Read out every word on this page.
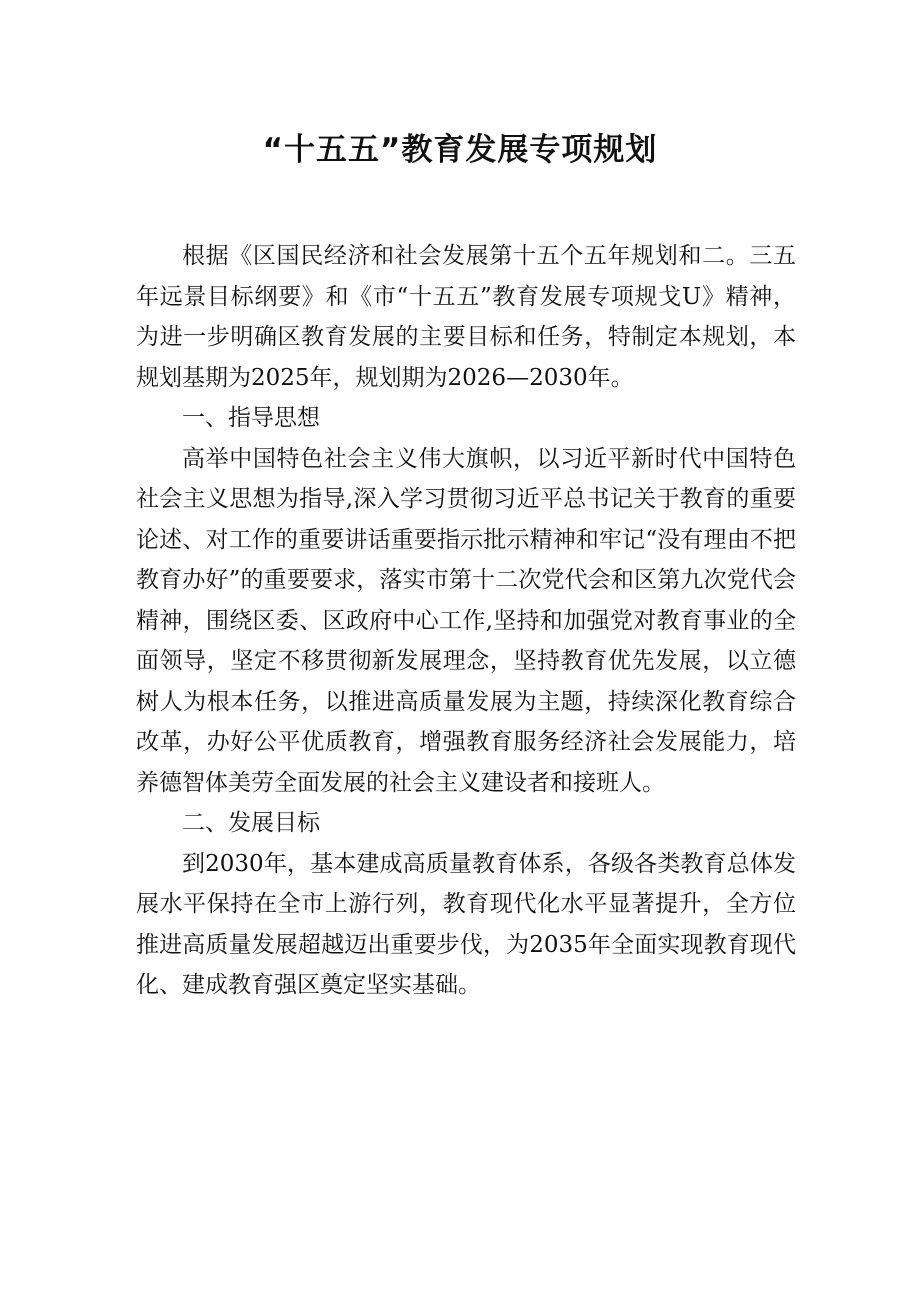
“十五五”教育发展专项规划

根据《区国民经济和社会发展第十五个五年规划和二。三五年远景目标纲要》和《市“十五五”教育发展专项规戈U》精神，为进一步明确区教育发展的主要目标和任务，特制定本规划，本规划基期为2025年，规划期为2026—2030年。

一、指导思想

高举中国特色社会主义伟大旗帜，以习近平新时代中国特色社会主义思想为指导,深入学习贯彻习近平总书记关于教育的重要论述、对工作的重要讲话重要指示批示精神和牢记“没有理由不把教育办好”的重要要求，落实市第十二次党代会和区第九次党代会精神，围绕区委、区政府中心工作,坚持和加强党对教育事业的全面领导，坚定不移贯彻新发展理念，坚持教育优先发展，以立德树人为根本任务，以推进高质量发展为主题，持续深化教育综合改革，办好公平优质教育，增强教育服务经济社会发展能力，培养德智体美劳全面发展的社会主义建设者和接班人。

二、发展目标

到2030年，基本建成高质量教育体系，各级各类教育总体发展水平保持在全市上游行列，教育现代化水平显著提升，全方位推进高质量发展超越迈出重要步伐，为2035年全面实现教育现代化、建成教育强区奠定坚实基础。
